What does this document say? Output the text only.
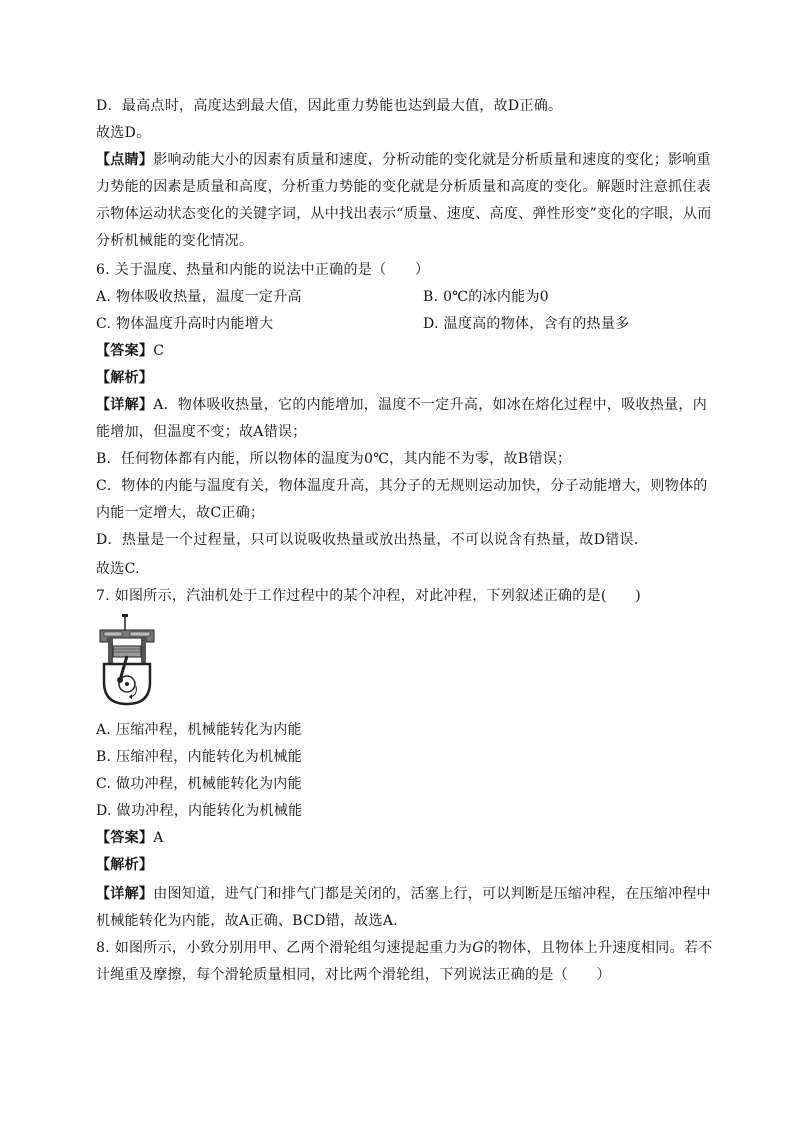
D．最高点时，高度达到最大值，因此重力势能也达到最大值，故D正确。
故选D。
【点睛】影响动能大小的因素有质量和速度，分析动能的变化就是分析质量和速度的变化；影响重
力势能的因素是质量和高度，分析重力势能的变化就是分析质量和高度的变化。解题时注意抓住表
示物体运动状态变化的关键字词，从中找出表示“质量、速度、高度、弹性形变”变化的字眼，从而
分析机械能的变化情况。
6. 关于温度、热量和内能的说法中正确的是（　　）
A. 物体吸收热量，温度一定升高	B. 0℃的冰内能为0
C. 物体温度升高时内能增大	D. 温度高的物体，含有的热量多
【答案】C
【解析】
【详解】A．物体吸收热量，它的内能增加，温度不一定升高，如冰在熔化过程中，吸收热量，内
能增加，但温度不变；故A错误；
B．任何物体都有内能，所以物体的温度为0℃，其内能不为零，故B错误；
C．物体的内能与温度有关，物体温度升高，其分子的无规则运动加快，分子动能增大，则物体的
内能一定增大，故C正确；
D．热量是一个过程量，只可以说吸收热量或放出热量，不可以说含有热量，故D错误．
故选C.
7. 如图所示，汽油机处于工作过程中的某个冲程，对此冲程，下列叙述正确的是(　　)
A. 压缩冲程，机械能转化为内能
B. 压缩冲程，内能转化为机械能
C. 做功冲程，机械能转化为内能
D. 做功冲程，内能转化为机械能
【答案】A
【解析】
【详解】由图知道，进气门和排气门都是关闭的，活塞上行，可以判断是压缩冲程，在压缩冲程中
机械能转化为内能，故A正确、BCD错，故选A．
8. 如图所示，小致分别用甲、乙两个滑轮组匀速提起重力为G的物体，且物体上升速度相同。若不
计绳重及摩擦，每个滑轮质量相同，对比两个滑轮组，下列说法正确的是（　　）
